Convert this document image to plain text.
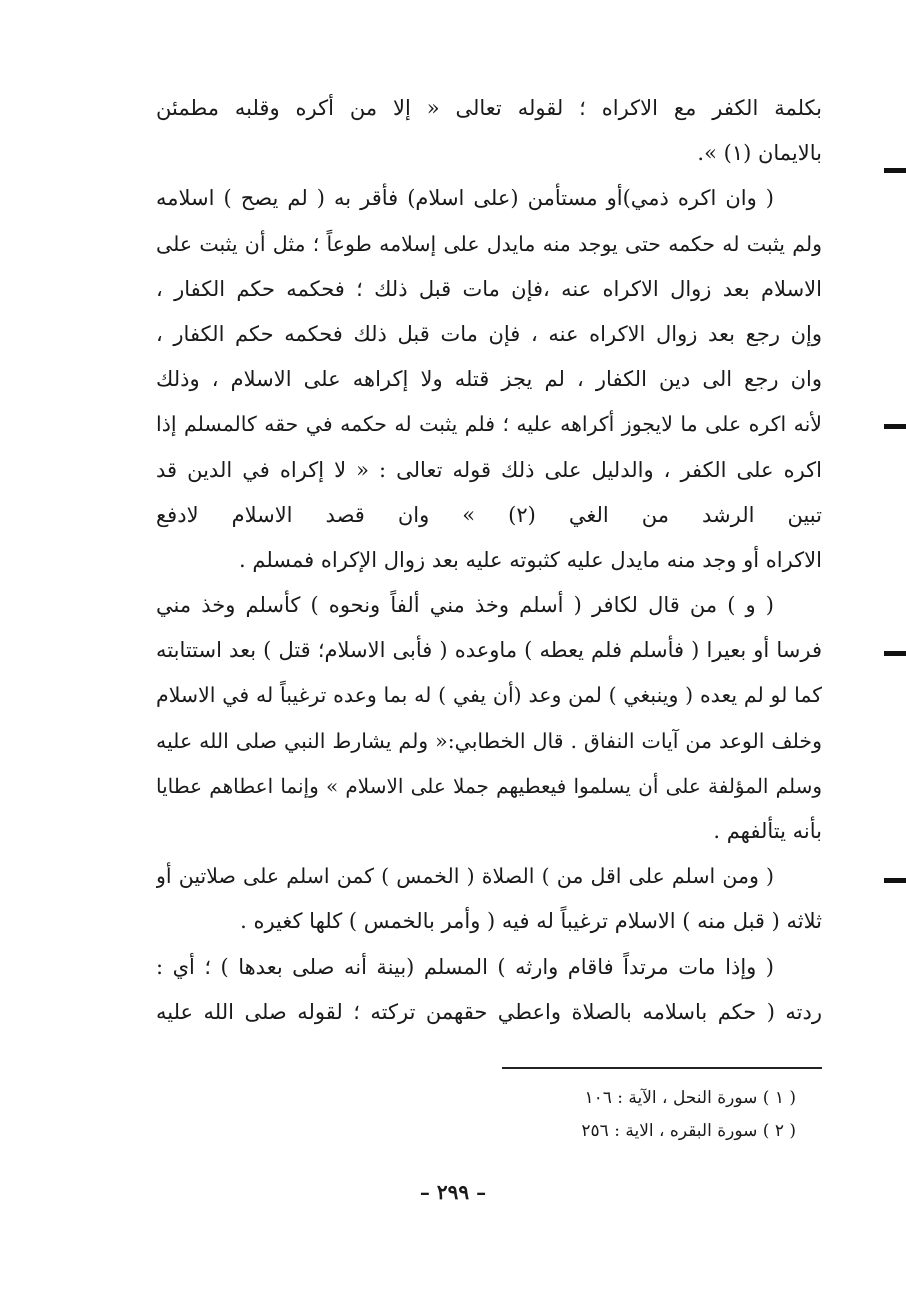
بكلمة الكفر مع الاكراه ؛ لقوله تعالى « إلا من أكره وقلبه مطمئن
بالايمان (١) ».
( وان اكره ذمي)أو مستأمن (على اسلام) فأقر به ( لم يصح ) اسلامه
ولم يثبت له حكمه حتى يوجد منه مايدل على إسلامه طوعاً ؛ مثل أن يثبت على
الاسلام بعد زوال الاكراه عنه ،فإن مات قبل ذلك ؛ فحكمه حكم الكفار ،
وإن رجع بعد زوال الاكراه عنه ، فإن مات قبل ذلك فحكمه حكم الكفار ،
وان رجع الى دين الكفار ، لم يجز قتله ولا إكراهه على الاسلام ، وذلك
لأنه اكره على ما لايجوز أكراهه عليه ؛ فلم يثبت له حكمه في حقه كالمسلم إذا
اكره على الكفر ، والدليل على ذلك قوله تعالى : « لا إكراه في الدين قد
تبين الرشد من الغي (٢) » وان قصد الاسلام لادفع
الاكراه أو وجد منه مايدل عليه كثبوته عليه بعد زوال الإكراه فمسلم .
( و ) من قال لكافر ( أسلم وخذ مني ألفاً ونحوه ) كأسلم وخذ مني
فرسا أو بعيرا ( فأسلم فلم يعطه ) ماوعده ( فأبى الاسلام؛ قتل ) بعد استتابته
كما لو لم يعده ( وينبغي ) لمن وعد (أن يفي ) له بما وعده ترغيباً له في الاسلام
وخلف الوعد من آيات النفاق . قال الخطابي:« ولم يشارط النبي صلى الله عليه
وسلم المؤلفة على أن يسلموا فيعطيهم جملا على الاسلام » وإنما اعطاهم عطايا
بأنه يتألفهم .
( ومن اسلم على اقل من ) الصلاة ( الخمس ) كمن اسلم على صلاتين أو
ثلاثه ( قبل منه ) الاسلام ترغيباً له فيه ( وأمر بالخمس ) كلها كغيره .
( وإذا مات مرتداً فاقام وارثه ) المسلم (بينة أنه صلى بعدها ) ؛ أي :
ردته ( حكم باسلامه بالصلاة واعطي حقهمن تركته ؛ لقوله صلى الله عليه
( ١ ) سورة النحل ، الآية : ١٠٦
( ٢ ) سورة البقره ، الاية : ٢٥٦
– ٢٩٩ –
